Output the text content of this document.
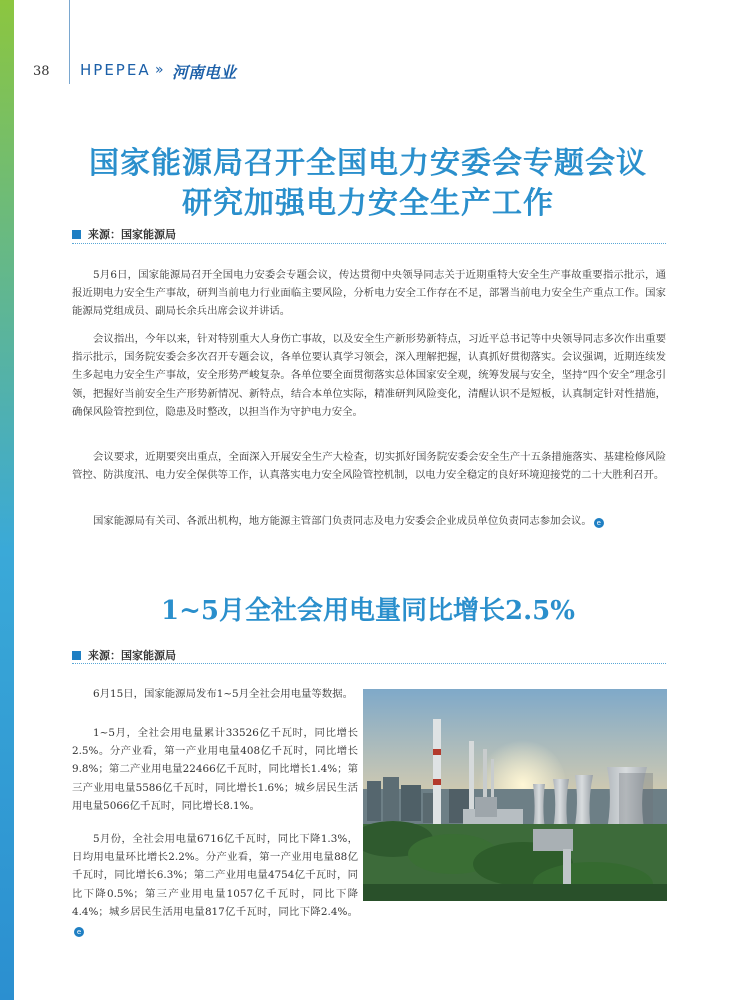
38 HPEPEA » 河南电业
国家能源局召开全国电力安委会专题会议
研究加强电力安全生产工作
来源：国家能源局

5月6日，国家能源局召开全国电力安委会专题会议，传达贯彻中央领导同志关于近期重特大安全生产事故重要指示批示，通报近期电力安全生产事故，研判当前电力行业面临主要风险，分析电力安全工作存在不足，部署当前电力安全生产重点工作。国家能源局党组成员、副局长余兵出席会议并讲话。

会议指出，今年以来，针对特别重大人身伤亡事故，以及安全生产新形势新特点，习近平总书记等中央领导同志多次作出重要指示批示，国务院安委会多次召开专题会议，各单位要认真学习领会，深入理解把握，认真抓好贯彻落实。会议强调，近期连续发生多起电力安全生产事故，安全形势严峻复杂。各单位要全面贯彻落实总体国家安全观，统筹发展与安全，坚持“四个安全”理念引领，把握好当前安全生产形势新情况、新特点，结合本单位实际，精准研判风险变化，清醒认识不是短板，认真制定针对性措施，确保风险管控到位，隐患及时整改，以担当作为守护电力安全。

会议要求，近期要突出重点，全面深入开展安全生产大检查，切实抓好国务院安委会安全生产十五条措施落实、基建检修风险管控、防洪度汛、电力安全保供等工作，认真落实电力安全风险管控机制，以电力安全稳定的良好环境迎接党的二十大胜利召开。

国家能源局有关司、各派出机构，地方能源主管部门负责同志及电力安委会企业成员单位负责同志参加会议。 e

1~5月全社会用电量同比增长2.5%
来源：国家能源局

6月15日，国家能源局发布1~5月全社会用电量等数据。

1~5月，全社会用电量累计33526亿千瓦时，同比增长2.5%。分产业看，第一产业用电量408亿千瓦时，同比增长9.8%；第二产业用电量22466亿千瓦时，同比增长1.4%；第三产业用电量5586亿千瓦时，同比增长1.6%；城乡居民生活用电量5066亿千瓦时，同比增长8.1%。

5月份，全社会用电量6716亿千瓦时，同比下降1.3%，日均用电量环比增长2.2%。分产业看，第一产业用电量88亿千瓦时，同比增长6.3%；第二产业用电量4754亿千瓦时，同比下降0.5%；第三产业用电量1057亿千瓦时，同比下降4.4%；城乡居民生活用电量817亿千瓦时，同比下降2.4%。e
